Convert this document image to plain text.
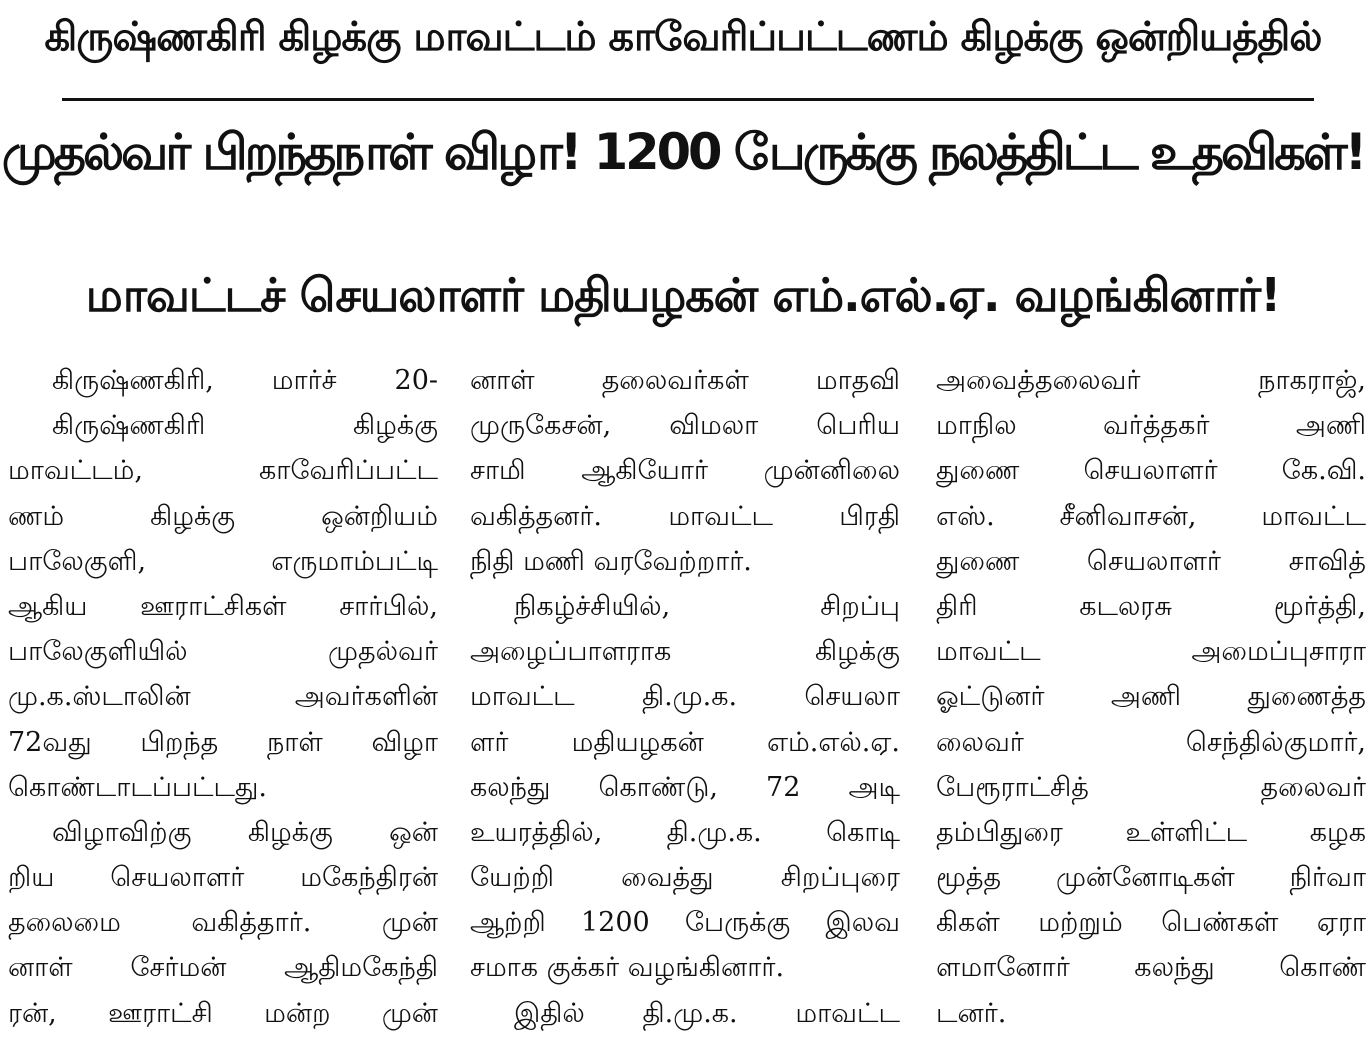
கிருஷ்ணகிரி கிழக்கு மாவட்டம் காவேரிப்பட்டணம் கிழக்கு ஒன்றியத்தில்
முதல்வர் பிறந்தநாள் விழா! 1200 பேருக்கு நலத்திட்ட உதவிகள்!
மாவட்டச் செயலாளர் மதியழகன் எம்.எல்.ஏ. வழங்கினார்!
கிருஷ்ணகிரி, மார்ச் 20-
கிருஷ்ணகிரி கிழக்கு
மாவட்டம், காவேரிப்பட்ட
ணம் கிழக்கு ஒன்றியம்
பாலேகுளி, எருமாம்பட்டி
ஆகிய ஊராட்சிகள் சார்பில்,
பாலேகுளியில் முதல்வர்
மு.க.ஸ்டாலின் அவர்களின்
72வது பிறந்த நாள் விழா
கொண்டாடப்பட்டது.
விழாவிற்கு கிழக்கு ஒன்
றிய செயலாளர் மகேந்திரன்
தலைமை வகித்தார். முன்
னாள் சேர்மன் ஆதிமகேந்தி
ரன், ஊராட்சி மன்ற முன்
னாள் தலைவர்கள் மாதவி
முருகேசன், விமலா பெரிய
சாமி ஆகியோர் முன்னிலை
வகித்தனர். மாவட்ட பிரதி
நிதி மணி வரவேற்றார்.
நிகழ்ச்சியில், சிறப்பு
அழைப்பாளராக கிழக்கு
மாவட்ட தி.மு.க. செயலா
ளர் மதியழகன் எம்.எல்.ஏ.
கலந்து கொண்டு, 72 அடி
உயரத்தில், தி.மு.க. கொடி
யேற்றி வைத்து சிறப்புரை
ஆற்றி 1200 பேருக்கு இலவ
சமாக குக்கர் வழங்கினார்.
இதில் தி.மு.க. மாவட்ட
அவைத்தலைவர் நாகராஜ்,
மாநில வர்த்தகர் அணி
துணை செயலாளர் கே.வி.
எஸ். சீனிவாசன், மாவட்ட
துணை செயலாளர் சாவித்
திரி கடலரசு மூர்த்தி,
மாவட்ட அமைப்புசாரா
ஓட்டுனர் அணி துணைத்த
லைவர் செந்தில்குமார்,
பேரூராட்சித் தலைவர்
தம்பிதுரை உள்ளிட்ட கழக
மூத்த முன்னோடிகள் நிர்வா
கிகள் மற்றும் பெண்கள் ஏரா
ளமானோர் கலந்து கொண்
டனர்.
